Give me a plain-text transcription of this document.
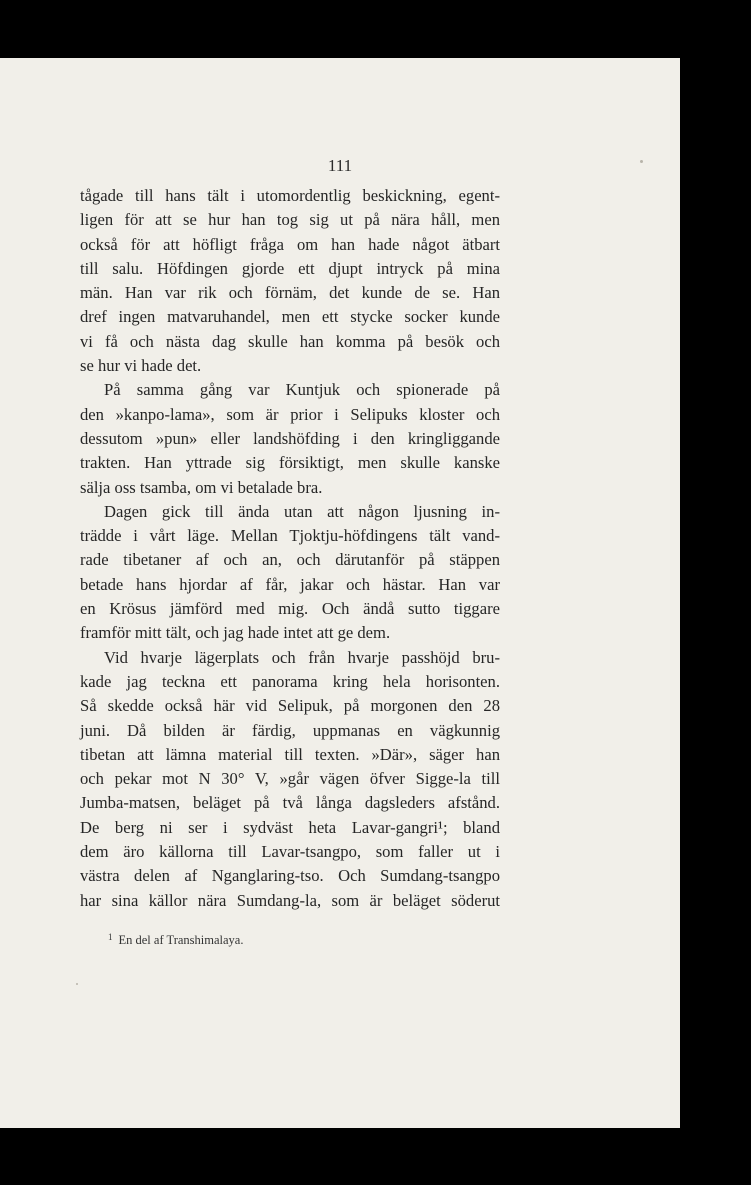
111

tågade till hans tält i utomordentlig beskickning, egent-
ligen för att se hur han tog sig ut på nära håll, men
också för att höfligt fråga om han hade något ätbart
till salu. Höfdingen gjorde ett djupt intryck på mina
män. Han var rik och förnäm, det kunde de se. Han
dref ingen matvaruhandel, men ett stycke socker kunde
vi få och nästa dag skulle han komma på besök och
se hur vi hade det.
På samma gång var Kuntjuk och spionerade på
den »kanpo-lama», som är prior i Selipuks kloster och
dessutom »pun» eller landshöfding i den kringliggande
trakten. Han yttrade sig försiktigt, men skulle kanske
sälja oss tsamba, om vi betalade bra.
Dagen gick till ända utan att någon ljusning in-
trädde i vårt läge. Mellan Tjoktju-höfdingens tält vand-
rade tibetaner af och an, och därutanför på stäppen
betade hans hjordar af får, jakar och hästar. Han var
en Krösus jämförd med mig. Och ändå sutto tiggare
framför mitt tält, och jag hade intet att ge dem.
Vid hvarje lägerplats och från hvarje passhöjd bru-
kade jag teckna ett panorama kring hela horisonten.
Så skedde också här vid Selipuk, på morgonen den 28
juni. Då bilden är färdig, uppmanas en vägkunnig
tibetan att lämna material till texten. »Där», säger han
och pekar mot N 30° V, »går vägen öfver Sigge-la till
Jumba-matsen, beläget på två långa dagsleders afstånd.
De berg ni ser i sydväst heta Lavar-gangri¹; bland
dem äro källorna till Lavar-tsangpo, som faller ut i
västra delen af Nganglaring-tso. Och Sumdang-tsangpo
har sina källor nära Sumdang-la, som är beläget söderut

$^1$ En del af Transhimalaya.
